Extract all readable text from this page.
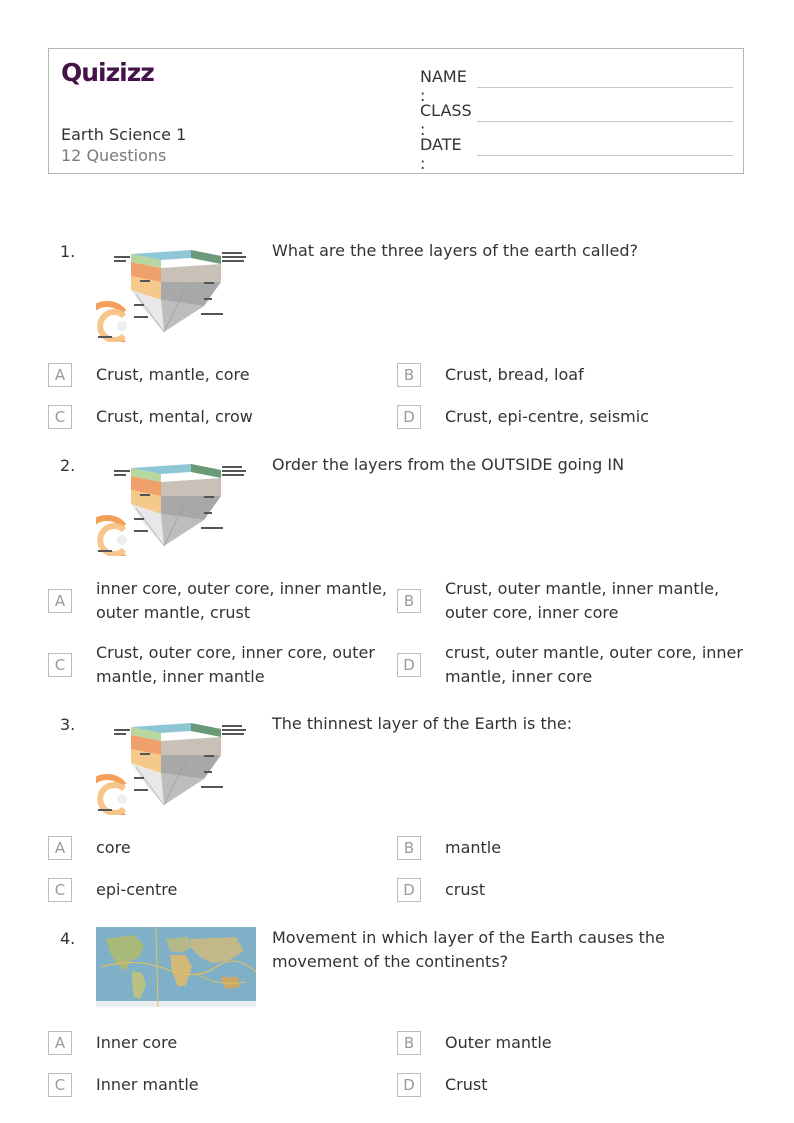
Quizizz
Earth Science 1
12 Questions
NAME :
CLASS :
DATE :
1.	What are the three layers of the earth called?
A	Crust, mantle, core	B	Crust, bread, loaf
C	Crust, mental, crow	D	Crust, epi-centre, seismic
2.	Order the layers from the OUTSIDE going IN
A
inner core, outer core, inner mantle, outer mantle, crust
B
Crust, outer mantle, inner mantle, outer core, inner core
C
Crust, outer core, inner core, outer mantle, inner mantle
D
crust, outer mantle, outer core, inner mantle, inner core
3.	The thinnest layer of the Earth is the:
A	core	B	mantle
C	epi-centre	D	crust
4.	Movement in which layer of the Earth causes the movement of the continents?
A	Inner core	B	Outer mantle
C	Inner mantle	D	Crust
